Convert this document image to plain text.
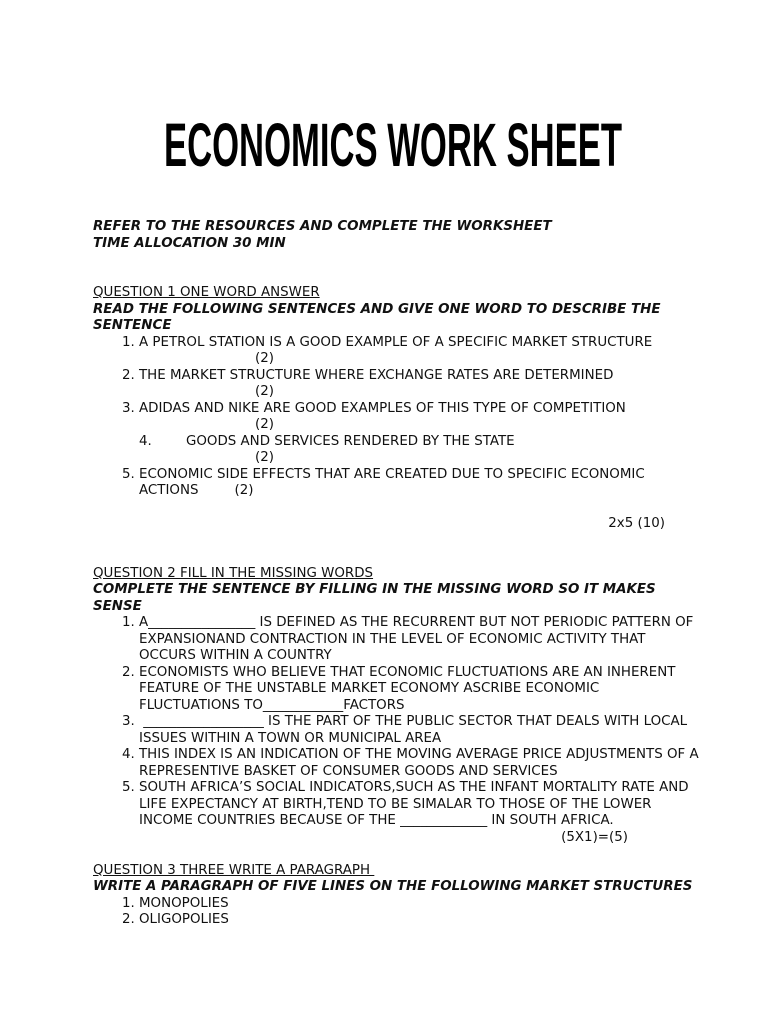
ECONOMICS WORK SHEET
REFER TO THE RESOURCES AND COMPLETE THE WORKSHEET
TIME ALLOCATION 30 MIN
QUESTION 1 ONE WORD ANSWER
READ THE FOLLOWING SENTENCES AND GIVE ONE WORD TO DESCRIBE THE SENTENCE
1. A PETROL STATION IS A GOOD EXAMPLE OF A SPECIFIC MARKET STRUCTURE
(2)
2. THE MARKET STRUCTURE WHERE EXCHANGE RATES ARE DETERMINED
(2)
3. ADIDAS AND NIKE ARE GOOD EXAMPLES OF THIS TYPE OF COMPETITION
(2)
4.	GOODS AND SERVICES RENDERED BY THE STATE
(2)
5. ECONOMIC SIDE EFFECTS THAT ARE CREATED DUE TO SPECIFIC ECONOMIC ACTIONS	(2)
2x5 (10)
QUESTION 2 FILL IN THE MISSING WORDS
COMPLETE THE SENTENCE BY FILLING IN THE MISSING WORD SO IT MAKES SENSE
1. A________________ IS DEFINED AS THE RECURRENT BUT NOT PERIODIC PATTERN OF EXPANSIONAND CONTRACTION IN THE LEVEL OF ECONOMIC ACTIVITY THAT OCCURS WITHIN A COUNTRY
2. ECONOMISTS WHO BELIEVE THAT ECONOMIC FLUCTUATIONS ARE AN INHERENT FEATURE OF THE UNSTABLE MARKET ECONOMY ASCRIBE ECONOMIC FLUCTUATIONS TO____________FACTORS
3.  __________________ IS THE PART OF THE PUBLIC SECTOR THAT DEALS WITH LOCAL ISSUES WITHIN A TOWN OR MUNICIPAL AREA
4. THIS INDEX IS AN INDICATION OF THE MOVING AVERAGE PRICE ADJUSTMENTS OF A REPRESENTIVE BASKET OF CONSUMER GOODS AND SERVICES
5. SOUTH AFRICA’S SOCIAL INDICATORS,SUCH AS THE INFANT MORTALITY RATE AND LIFE EXPECTANCY AT BIRTH,TEND TO BE SIMALAR TO THOSE OF THE LOWER INCOME COUNTRIES BECAUSE OF THE _____________ IN SOUTH AFRICA.
(5X1)=(5)
QUESTION 3 THREE WRITE A PARAGRAPH
WRITE A PARAGRAPH OF FIVE LINES ON THE FOLLOWING MARKET STRUCTURES
1. MONOPOLIES
2. OLIGOPOLIES
